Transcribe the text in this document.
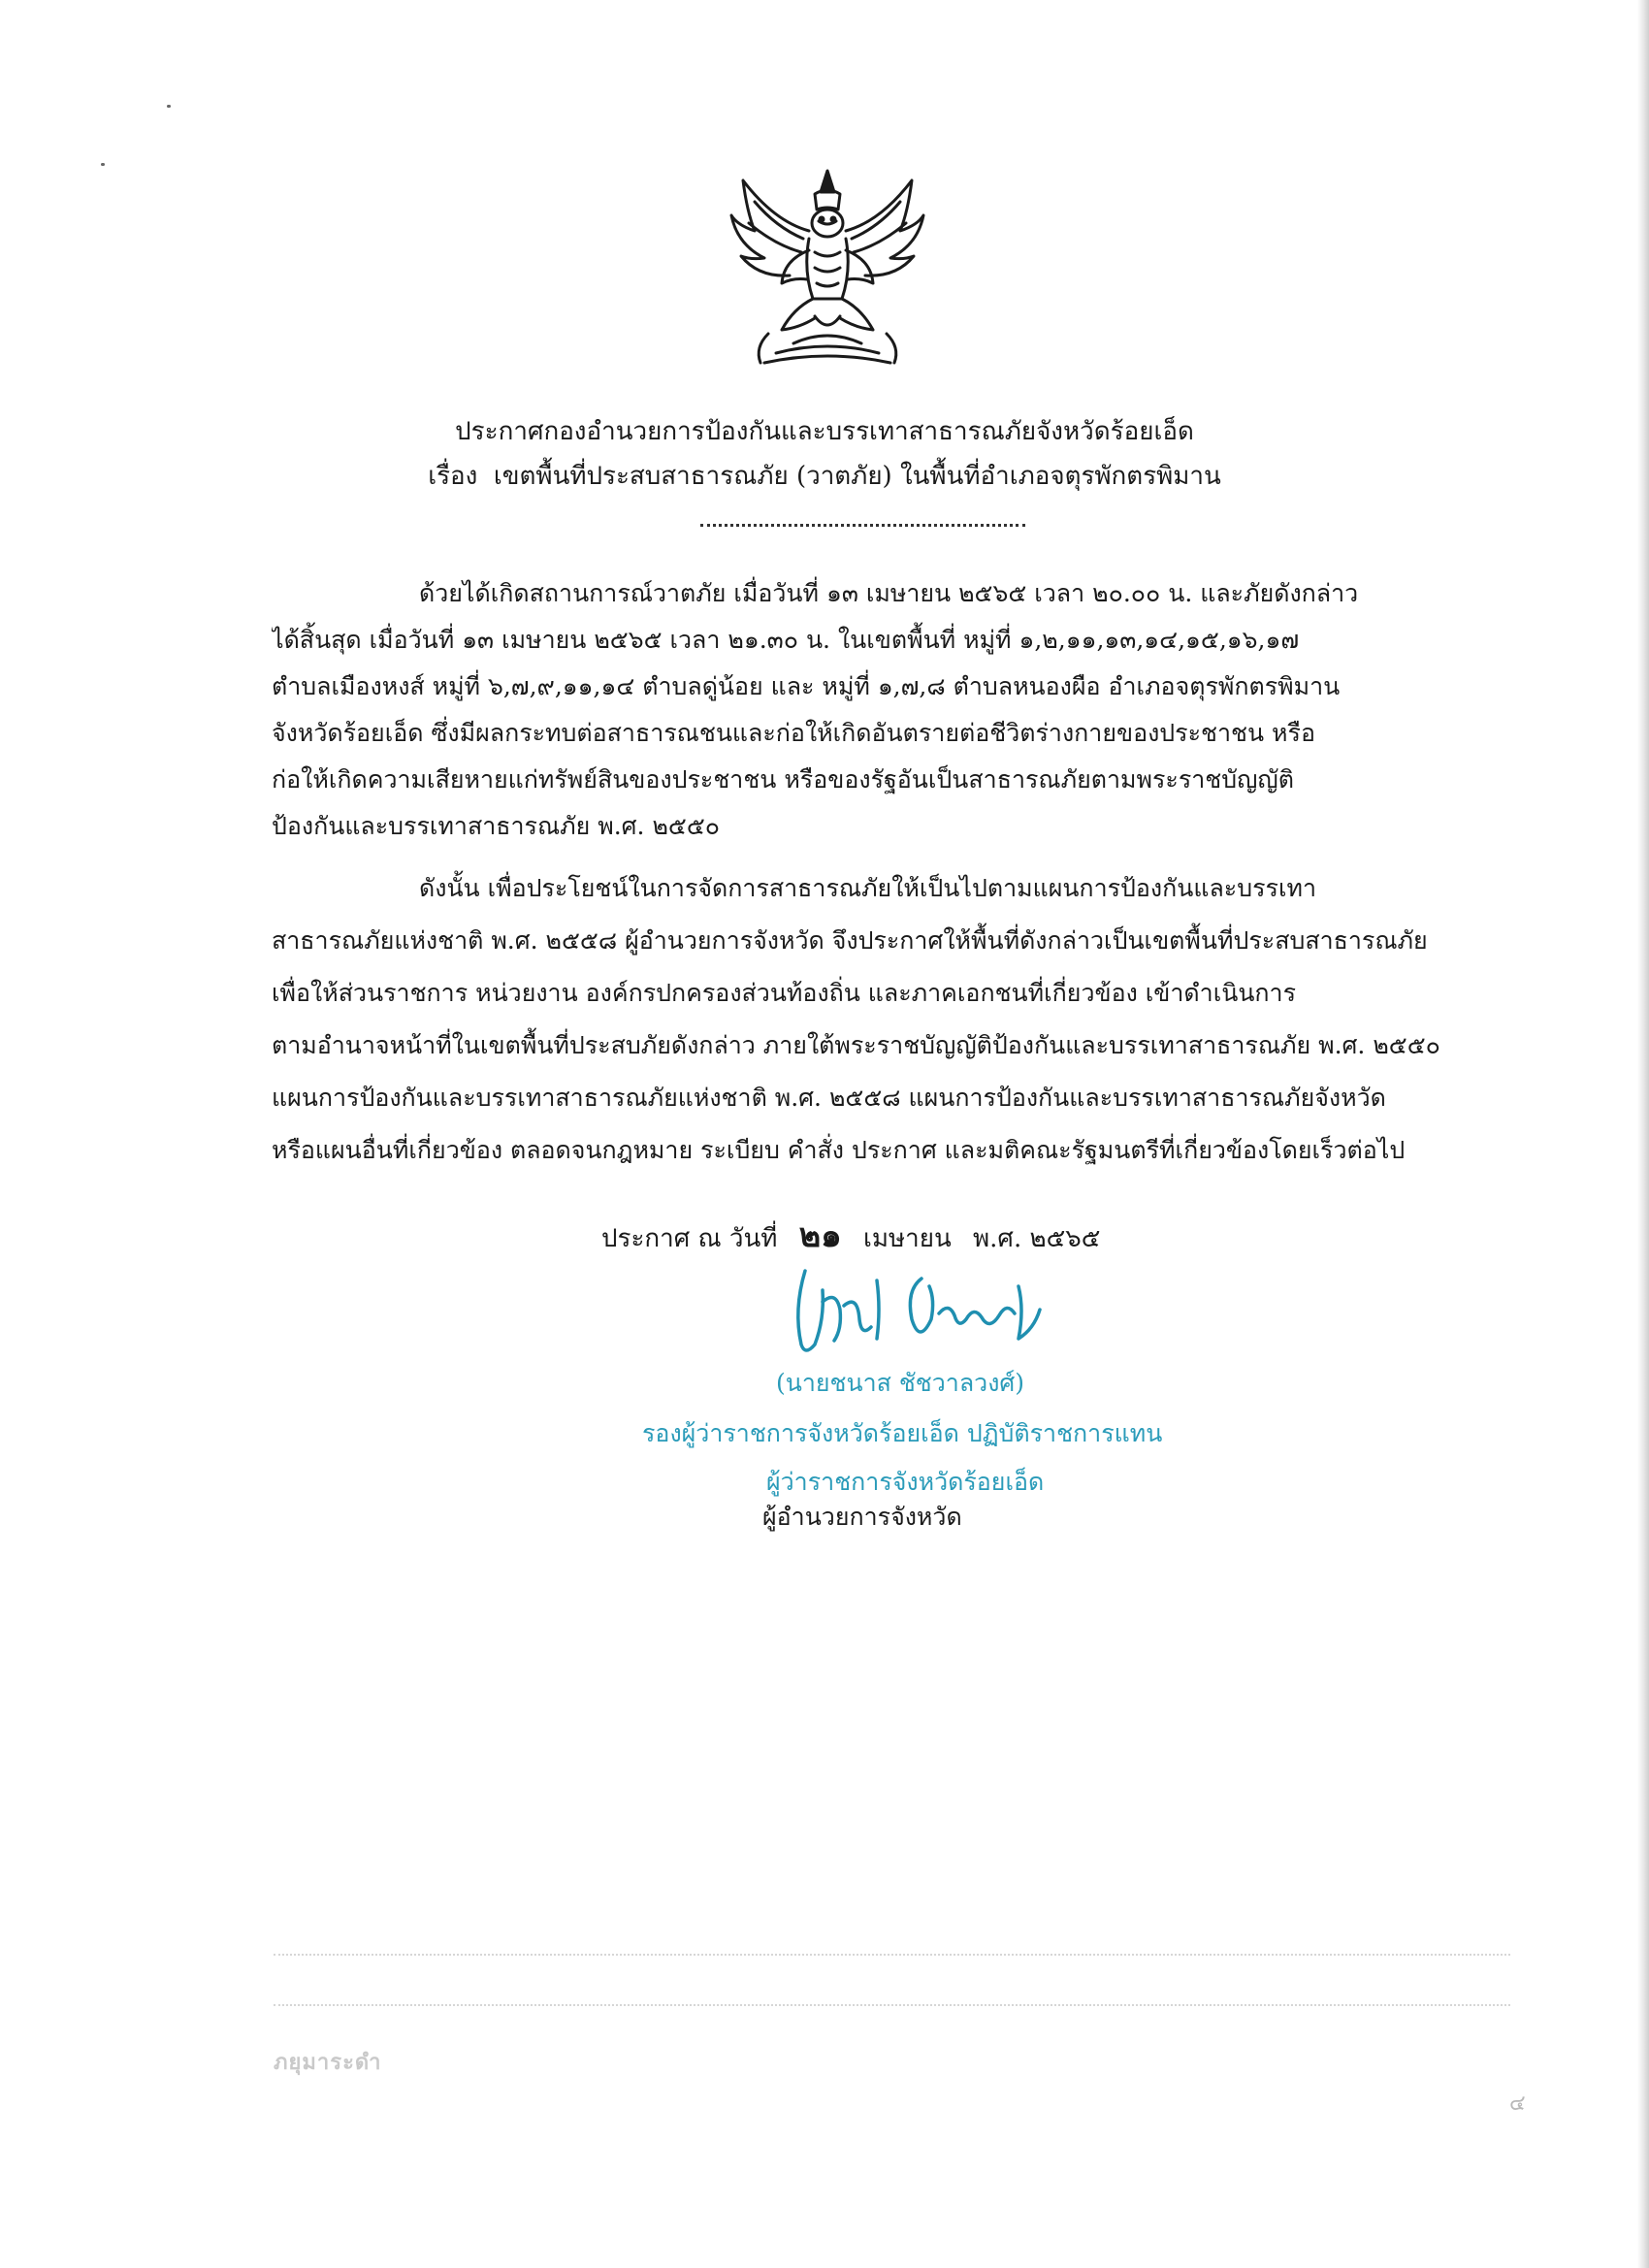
ประกาศกองอำนวยการป้องกันและบรรเทาสาธารณภัยจังหวัดร้อยเอ็ด
เรื่อง เขตพื้นที่ประสบสาธารณภัย (วาตภัย) ในพื้นที่อำเภอจตุรพักตรพิมาน
ด้วยได้เกิดสถานการณ์วาตภัย เมื่อวันที่ ๑๓ เมษายน ๒๕๖๕ เวลา ๒๐.๐๐ น. และภัยดังกล่าว
ได้สิ้นสุด เมื่อวันที่ ๑๓ เมษายน ๒๕๖๕ เวลา ๒๑.๓๐ น. ในเขตพื้นที่ หมู่ที่ ๑,๒,๑๑,๑๓,๑๔,๑๕,๑๖,๑๗
ตำบลเมืองหงส์ หมู่ที่ ๖,๗,๙,๑๑,๑๔ ตำบลดู่น้อย และ หมู่ที่ ๑,๗,๘ ตำบลหนองผือ อำเภอจตุรพักตรพิมาน
จังหวัดร้อยเอ็ด ซึ่งมีผลกระทบต่อสาธารณชนและก่อให้เกิดอันตรายต่อชีวิตร่างกายของประชาชน หรือ
ก่อให้เกิดความเสียหายแก่ทรัพย์สินของประชาชน หรือของรัฐอันเป็นสาธารณภัยตามพระราชบัญญัติ
ป้องกันและบรรเทาสาธารณภัย พ.ศ. ๒๕๕๐
ดังนั้น เพื่อประโยชน์ในการจัดการสาธารณภัยให้เป็นไปตามแผนการป้องกันและบรรเทา
สาธารณภัยแห่งชาติ พ.ศ. ๒๕๕๘ ผู้อำนวยการจังหวัด จึงประกาศให้พื้นที่ดังกล่าวเป็นเขตพื้นที่ประสบสาธารณภัย
เพื่อให้ส่วนราชการ หน่วยงาน องค์กรปกครองส่วนท้องถิ่น และภาคเอกชนที่เกี่ยวข้อง เข้าดำเนินการ
ตามอำนาจหน้าที่ในเขตพื้นที่ประสบภัยดังกล่าว ภายใต้พระราชบัญญัติป้องกันและบรรเทาสาธารณภัย พ.ศ. ๒๕๕๐
แผนการป้องกันและบรรเทาสาธารณภัยแห่งชาติ พ.ศ. ๒๕๕๘ แผนการป้องกันและบรรเทาสาธารณภัยจังหวัด
หรือแผนอื่นที่เกี่ยวข้อง ตลอดจนกฎหมาย ระเบียบ คำสั่ง ประกาศ และมติคณะรัฐมนตรีที่เกี่ยวข้องโดยเร็วต่อไป
ประกาศ ณ วันที่ ๒๑ เมษายน พ.ศ. ๒๕๖๕
(นายชนาส ชัชวาลวงศ์)
รองผู้ว่าราชการจังหวัดร้อยเอ็ด ปฏิบัติราชการแทน
ผู้ว่าราชการจังหวัดร้อยเอ็ด
ผู้อำนวยการจังหวัด
ภยุมาระดำ
๔
